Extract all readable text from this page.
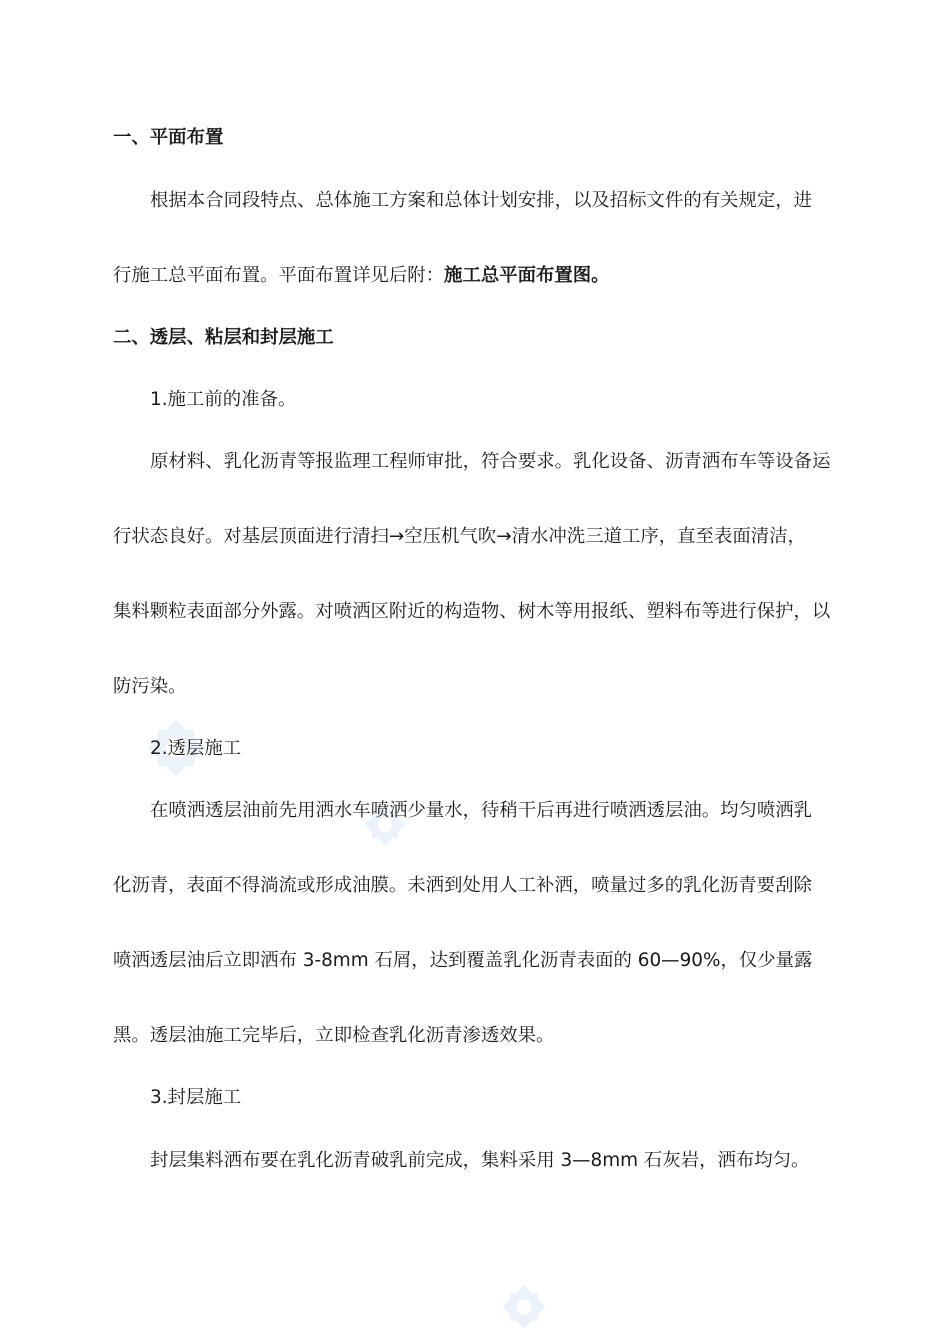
一、平面布置
根据本合同段特点、总体施工方案和总体计划安排，以及招标文件的有关规定，进
行施工总平面布置。平面布置详见后附：施工总平面布置图。
二、透层、粘层和封层施工
1.施工前的准备。
原材料、乳化沥青等报监理工程师审批，符合要求。乳化设备、沥青洒布车等设备运
行状态良好。对基层顶面进行清扫→空压机气吹→清水冲洗三道工序，直至表面清洁，
集料颗粒表面部分外露。对喷洒区附近的构造物、树木等用报纸、塑料布等进行保护，以
防污染。
2.透层施工
在喷洒透层油前先用洒水车喷洒少量水，待稍干后再进行喷洒透层油。均匀喷洒乳
化沥青，表面不得淌流或形成油膜。未洒到处用人工补洒，喷量过多的乳化沥青要刮除
喷洒透层油后立即洒布 3-8mm 石屑，达到覆盖乳化沥青表面的 60—90%，仅少量露
黑。透层油施工完毕后，立即检查乳化沥青渗透效果。
3.封层施工
封层集料洒布要在乳化沥青破乳前完成，集料采用 3—8mm 石灰岩，洒布均匀。
